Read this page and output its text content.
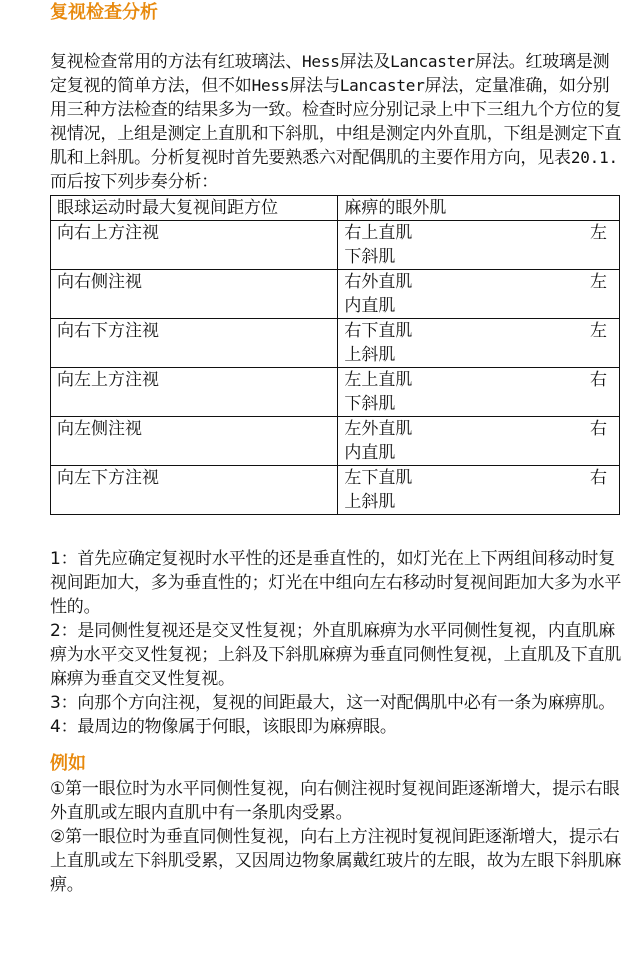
复视检查分析

复视检查常用的方法有红玻璃法、Hess屏法及Lancaster屏法。红玻璃是测定复视的简单方法，但不如Hess屏法与Lancaster屏法，定量准确，如分别用三种方法检查的结果多为一致。检查时应分别记录上中下三组九个方位的复视情况，上组是测定上直肌和下斜肌，中组是测定内外直肌，下组是测定下直肌和上斜肌。分析复视时首先要熟悉六对配偶肌的主要作用方向，见表20.1.
而后按下列步奏分析：

眼球运动时最大复视间距方位	麻痹的眼外肌
向右上方注视	右上直肌 左
下斜肌

向右侧注视	右外直肌 左
内直肌

向右下方注视	右下直肌 左
上斜肌

向左上方注视	左上直肌 右
下斜肌

向左侧注视	左外直肌 右
内直肌

向左下方注视	左下直肌 右
上斜肌

1：首先应确定复视时水平性的还是垂直性的，如灯光在上下两组间移动时复视间距加大，多为垂直性的；灯光在中组向左右移动时复视间距加大多为水平性的。

2：是同侧性复视还是交叉性复视；外直肌麻痹为水平同侧性复视，内直肌麻痹为水平交叉性复视；上斜及下斜肌麻痹为垂直同侧性复视，上直肌及下直肌麻痹为垂直交叉性复视。

3：向那个方向注视，复视的间距最大，这一对配偶肌中必有一条为麻痹肌。

4：最周边的物像属于何眼，该眼即为麻痹眼。

例如

①第一眼位时为水平同侧性复视，向右侧注视时复视间距逐渐增大，提示右眼外直肌或左眼内直肌中有一条肌肉受累。

②第一眼位时为垂直同侧性复视，向右上方注视时复视间距逐渐增大，提示右上直肌或左下斜肌受累，又因周边物象属戴红玻片的左眼，故为左眼下斜肌麻痹。
